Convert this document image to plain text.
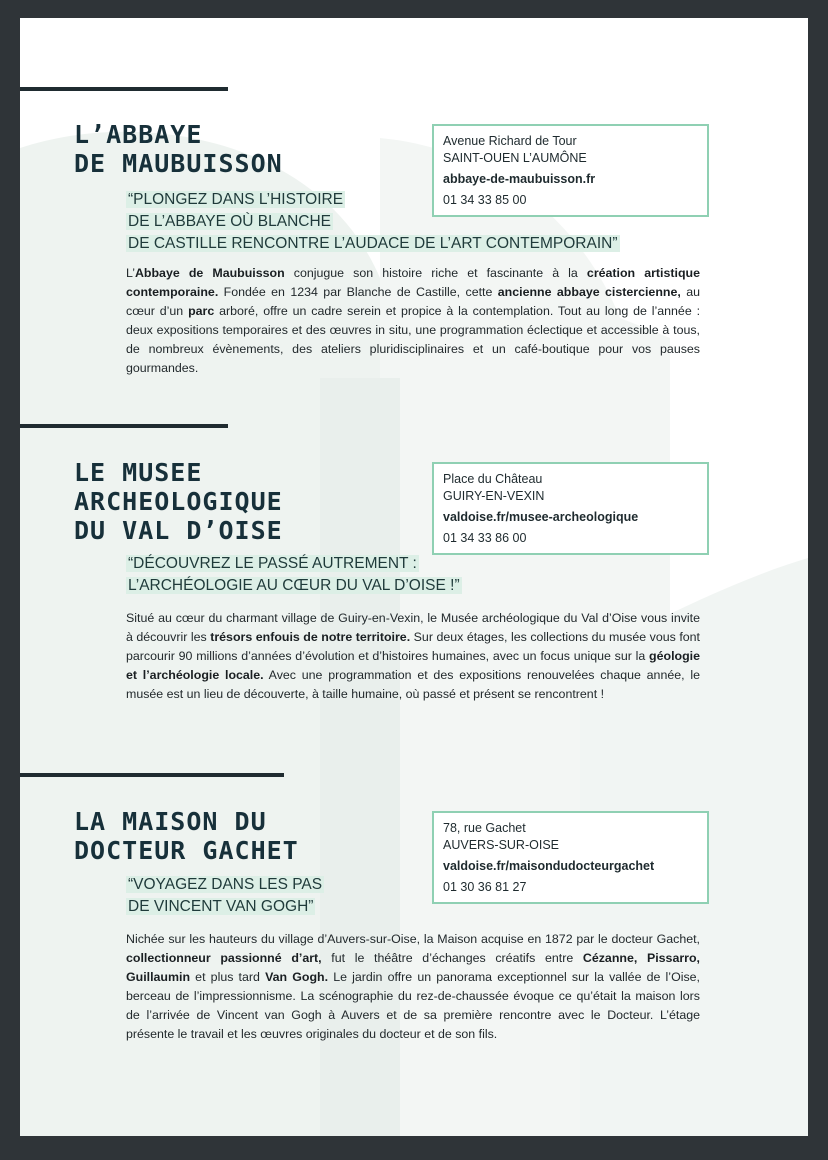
L’ABBAYE
DE MAUBUISSON
Avenue Richard de Tour
SAINT-OUEN L’AUMÔNE
abbaye-de-maubuisson.fr
01 34 33 85 00
“PLONGEZ DANS L’HISTOIRE
DE L’ABBAYE OÙ BLANCHE
DE CASTILLE RENCONTRE L’AUDACE DE L’ART CONTEMPORAIN”

L’Abbaye de Maubuisson conjugue son histoire riche et fascinante à la création artistique contemporaine. Fondée en 1234 par Blanche de Castille, cette ancienne abbaye cistercienne, au cœur d’un parc arboré, offre un cadre serein et propice à la contemplation. Tout au long de l’année : deux expositions temporaires et des œuvres in situ, une programmation éclectique et accessible à tous, de nombreux évènements, des ateliers pluridisciplinaires et un café-boutique pour vos pauses gourmandes.

LE MUSEE
ARCHEOLOGIQUE
DU VAL D’OISE
Place du Château
GUIRY-EN-VEXIN
valdoise.fr/musee-archeologique
01 34 33 86 00
“DÉCOUVREZ LE PASSÉ AUTREMENT :
L’ARCHÉOLOGIE AU CŒUR DU VAL D’OISE !”

Situé au cœur du charmant village de Guiry-en-Vexin, le Musée archéologique du Val d’Oise vous invite à découvrir les trésors enfouis de notre territoire. Sur deux étages, les collections du musée vous font parcourir 90 millions d’années d’évolution et d’histoires humaines, avec un focus unique sur la géologie et l’archéologie locale. Avec une programmation et des expositions renouvelées chaque année, le musée est un lieu de découverte, à taille humaine, où passé et présent se rencontrent !

LA MAISON DU
DOCTEUR GACHET
78, rue Gachet
AUVERS-SUR-OISE
valdoise.fr/maisondudocteurgachet
01 30 36 81 27
“VOYAGEZ DANS LES PAS
DE VINCENT VAN GOGH”

Nichée sur les hauteurs du village d’Auvers-sur-Oise, la Maison acquise en 1872 par le docteur Gachet, collectionneur passionné d’art, fut le théâtre d’échanges créatifs entre Cézanne, Pissarro, Guillaumin et plus tard Van Gogh. Le jardin offre un panorama exceptionnel sur la vallée de l’Oise, berceau de l’impressionnisme. La scénographie du rez-de-chaussée évoque ce qu’était la maison lors de l’arrivée de Vincent van Gogh à Auvers et de sa première rencontre avec le Docteur. L’étage présente le travail et les œuvres originales du docteur et de son fils.
